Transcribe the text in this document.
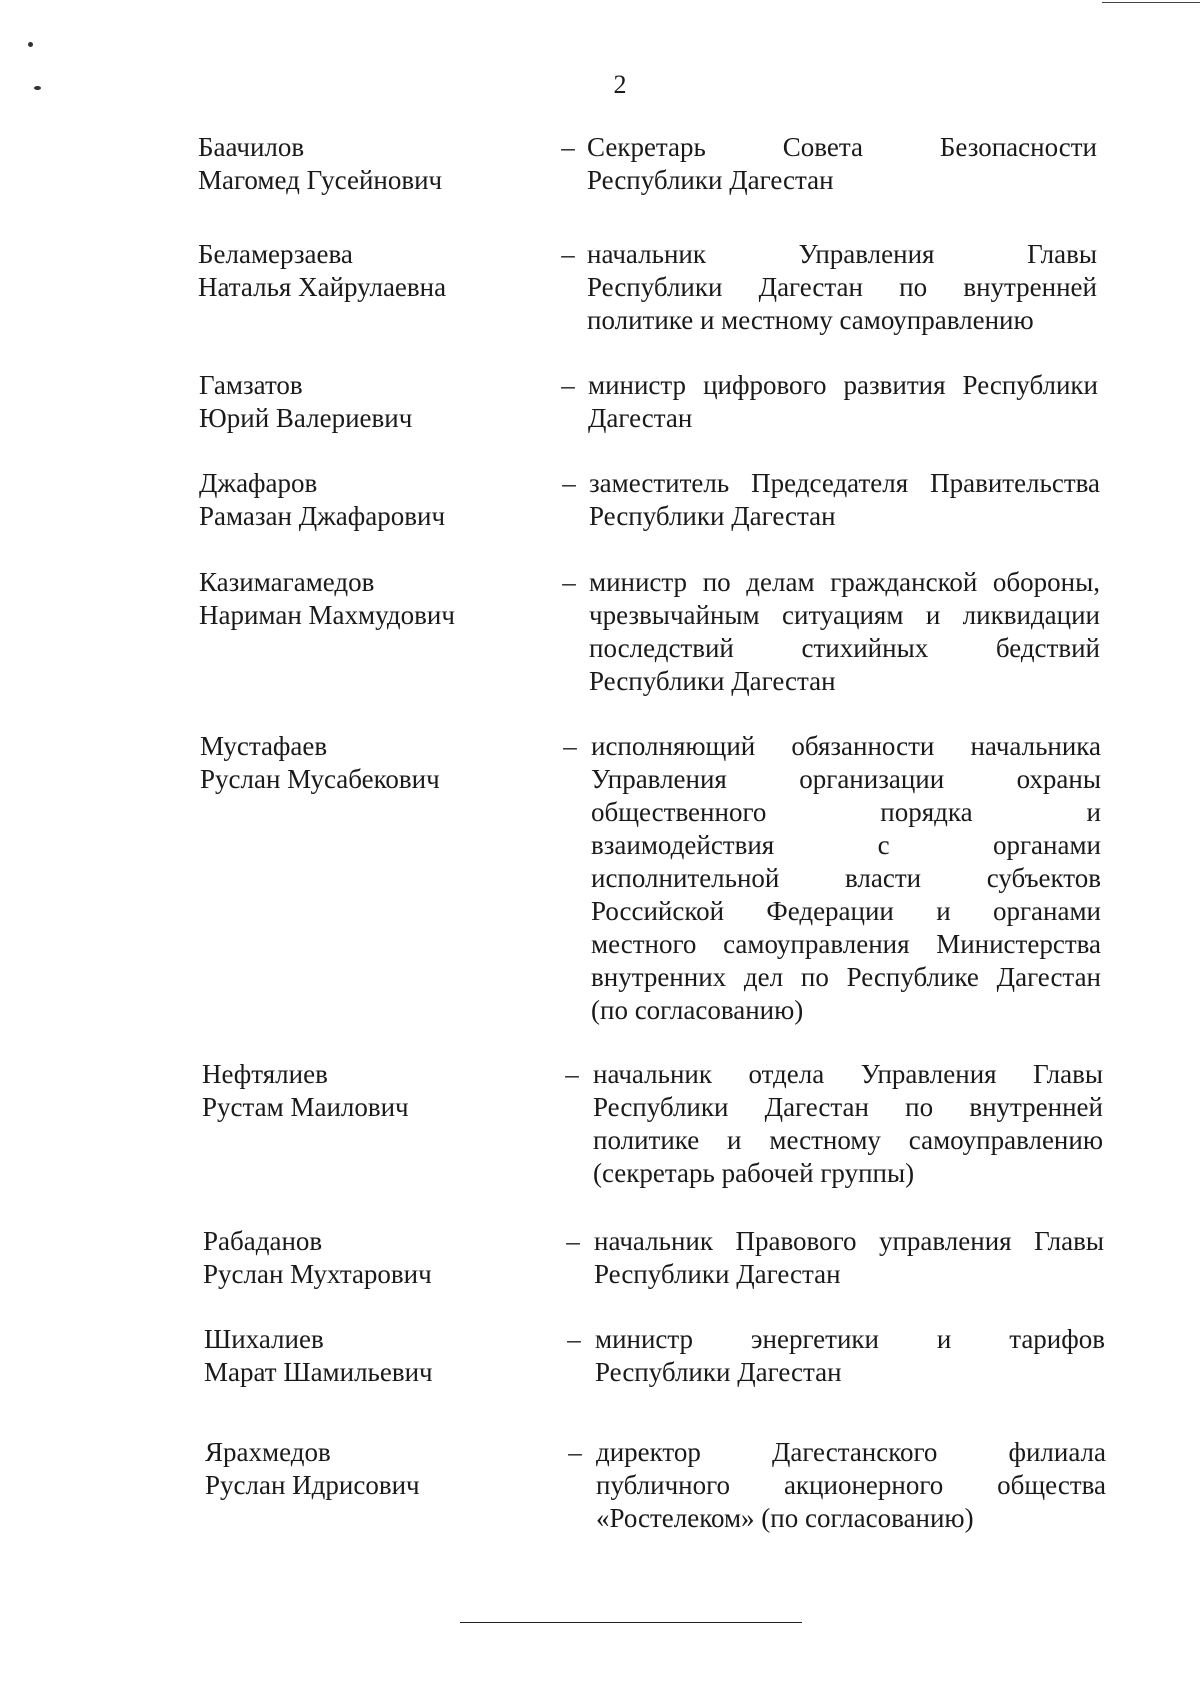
2
Баачилов
Магомед Гусейнович
– Секретарь Совета Безопасности
Республики Дагестан
Беламерзаева
Наталья Хайрулаевна
– начальник Управления Главы
Республики Дагестан по внутренней
политике и местному самоуправлению
Гамзатов
Юрий Валериевич
– министр цифрового развития Республики
Дагестан
Джафаров
Рамазан Джафарович
– заместитель Председателя Правительства
Республики Дагестан
Казимагамедов
Нариман Махмудович
– министр по делам гражданской обороны,
чрезвычайным ситуациям и ликвидации
последствий стихийных бедствий
Республики Дагестан
Мустафаев
Руслан Мусабекович
– исполняющий обязанности начальника
Управления организации охраны
общественного порядка и
взаимодействия с органами
исполнительной власти субъектов
Российской Федерации и органами
местного самоуправления Министерства
внутренних дел по Республике Дагестан
(по согласованию)
Нефтялиев
Рустам Маилович
– начальник отдела Управления Главы
Республики Дагестан по внутренней
политике и местному самоуправлению
(секретарь рабочей группы)
Рабаданов
Руслан Мухтарович
– начальник Правового управления Главы
Республики Дагестан
Шихалиев
Марат Шамильевич
– министр энергетики и тарифов
Республики Дагестан
Ярахмедов
Руслан Идрисович
– директор Дагестанского филиала
публичного акционерного общества
«Ростелеком» (по согласованию)
